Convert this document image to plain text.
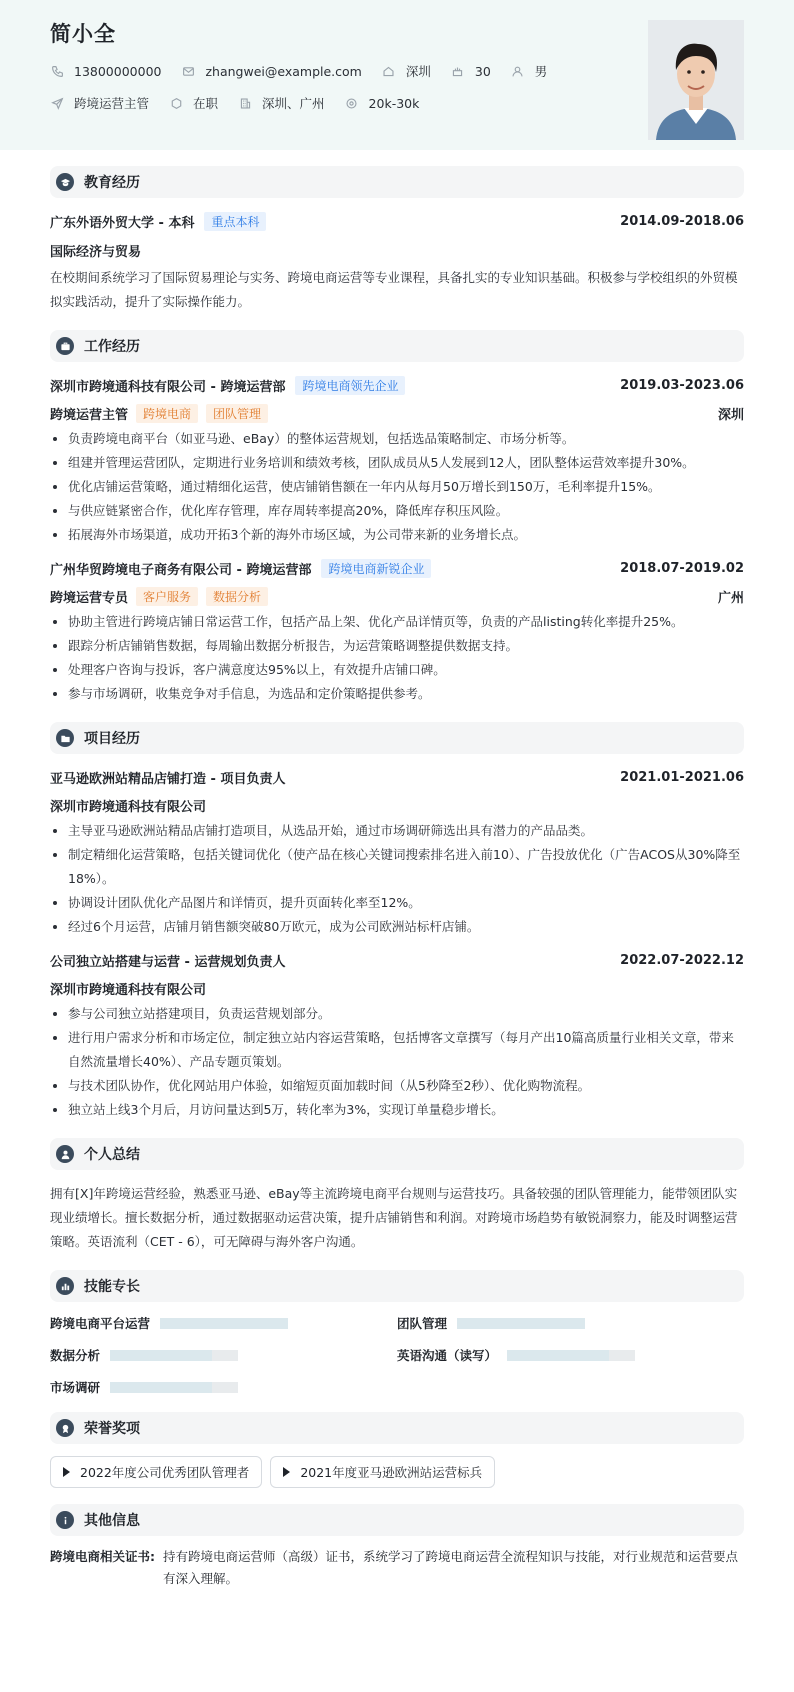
简小全
13800000000	zhangwei@example.com	深圳	30	男
跨境运营主管	在职	深圳、广州	20k-30k
教育经历
广东外语外贸大学 - 本科	重点本科	2014.09-2018.06
国际经济与贸易
在校期间系统学习了国际贸易理论与实务、跨境电商运营等专业课程，具备扎实的专业知识基础。积极参与学校组织的外贸模拟实践活动，提升了实际操作能力。
工作经历
深圳市跨境通科技有限公司 - 跨境运营部	跨境电商领先企业	2019.03-2023.06
跨境运营主管	跨境电商	团队管理	深圳
负责跨境电商平台（如亚马逊、eBay）的整体运营规划，包括选品策略制定、市场分析等。
组建并管理运营团队，定期进行业务培训和绩效考核，团队成员从5人发展到12人，团队整体运营效率提升30%。
优化店铺运营策略，通过精细化运营，使店铺销售额在一年内从每月50万增长到150万，毛利率提升15%。
与供应链紧密合作，优化库存管理，库存周转率提高20%，降低库存积压风险。
拓展海外市场渠道，成功开拓3个新的海外市场区域，为公司带来新的业务增长点。
广州华贸跨境电子商务有限公司 - 跨境运营部	跨境电商新锐企业	2018.07-2019.02
跨境运营专员	客户服务	数据分析	广州
协助主管进行跨境店铺日常运营工作，包括产品上架、优化产品详情页等，负责的产品listing转化率提升25%。
跟踪分析店铺销售数据，每周输出数据分析报告，为运营策略调整提供数据支持。
处理客户咨询与投诉，客户满意度达95%以上，有效提升店铺口碑。
参与市场调研，收集竞争对手信息，为选品和定价策略提供参考。
项目经历
亚马逊欧洲站精品店铺打造 - 项目负责人	2021.01-2021.06
深圳市跨境通科技有限公司
主导亚马逊欧洲站精品店铺打造项目，从选品开始，通过市场调研筛选出具有潜力的产品品类。
制定精细化运营策略，包括关键词优化（使产品在核心关键词搜索排名进入前10）、广告投放优化（广告ACOS从30%降至18%）。
协调设计团队优化产品图片和详情页，提升页面转化率至12%。
经过6个月运营，店铺月销售额突破80万欧元，成为公司欧洲站标杆店铺。
公司独立站搭建与运营 - 运营规划负责人	2022.07-2022.12
深圳市跨境通科技有限公司
参与公司独立站搭建项目，负责运营规划部分。
进行用户需求分析和市场定位，制定独立站内容运营策略，包括博客文章撰写（每月产出10篇高质量行业相关文章，带来自然流量增长40%）、产品专题页策划。
与技术团队协作，优化网站用户体验，如缩短页面加载时间（从5秒降至2秒）、优化购物流程。
独立站上线3个月后，月访问量达到5万，转化率为3%，实现订单量稳步增长。
个人总结
拥有[X]年跨境运营经验，熟悉亚马逊、eBay等主流跨境电商平台规则与运营技巧。具备较强的团队管理能力，能带领团队实现业绩增长。擅长数据分析，通过数据驱动运营决策，提升店铺销售和利润。对跨境市场趋势有敏锐洞察力，能及时调整运营策略。英语流利（CET - 6），可无障碍与海外客户沟通。
技能专长
跨境电商平台运营	团队管理
数据分析	英语沟通（读写）
市场调研
荣誉奖项
2022年度公司优秀团队管理者	2021年度亚马逊欧洲站运营标兵
其他信息
跨境电商相关证书: 持有跨境电商运营师（高级）证书，系统学习了跨境电商运营全流程知识与技能，对行业规范和运营要点有深入理解。
